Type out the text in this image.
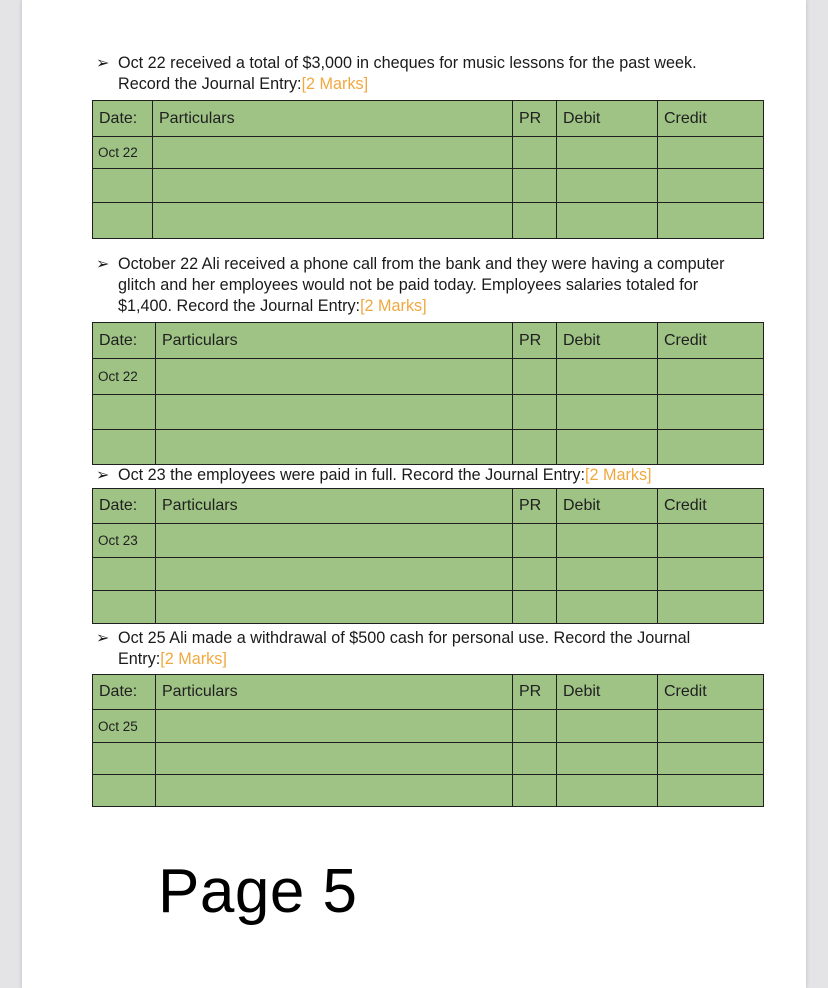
➢ Oct 22 received a total of $3,000 in cheques for music lessons for the past week. Record the Journal Entry:[2 Marks]
Date:	Particulars	PR	Debit	Credit
Oct 22				

➢ October 22 Ali received a phone call from the bank and they were having a computer glitch and her employees would not be paid today. Employees salaries totaled for $1,400. Record the Journal Entry:[2 Marks]
Date:	Particulars	PR	Debit	Credit
Oct 22				

➢ Oct 23 the employees were paid in full. Record the Journal Entry:[2 Marks]
Date:	Particulars	PR	Debit	Credit
Oct 23				

➢ Oct 25 Ali made a withdrawal of $500 cash for personal use. Record the Journal Entry:[2 Marks]
Date:	Particulars	PR	Debit	Credit
Oct 25				

Page 5
